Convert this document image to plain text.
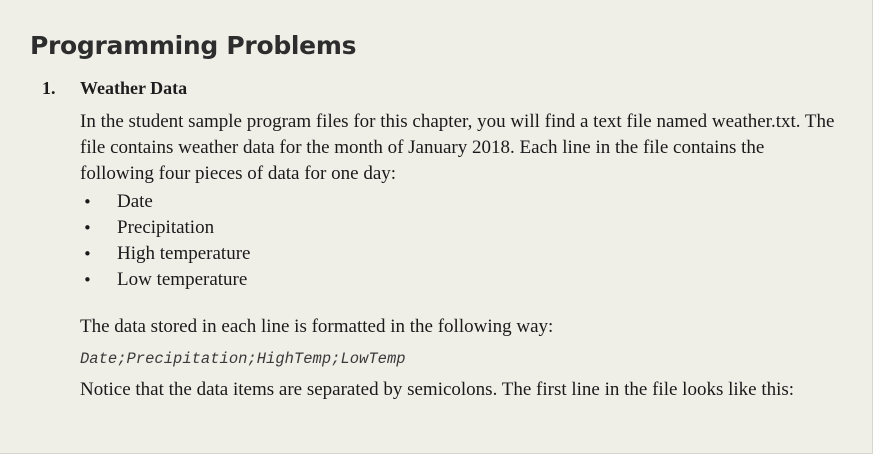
Programming Problems
1. Weather Data

In the student sample program files for this chapter, you will find a text file named weather.txt. The file contains weather data for the month of January 2018. Each line in the file contains the following four pieces of data for one day:

• Date
• Precipitation
• High temperature
• Low temperature

The data stored in each line is formatted in the following way:

Date;Precipitation;HighTemp;LowTemp

Notice that the data items are separated by semicolons. The first line in the file looks like this:
